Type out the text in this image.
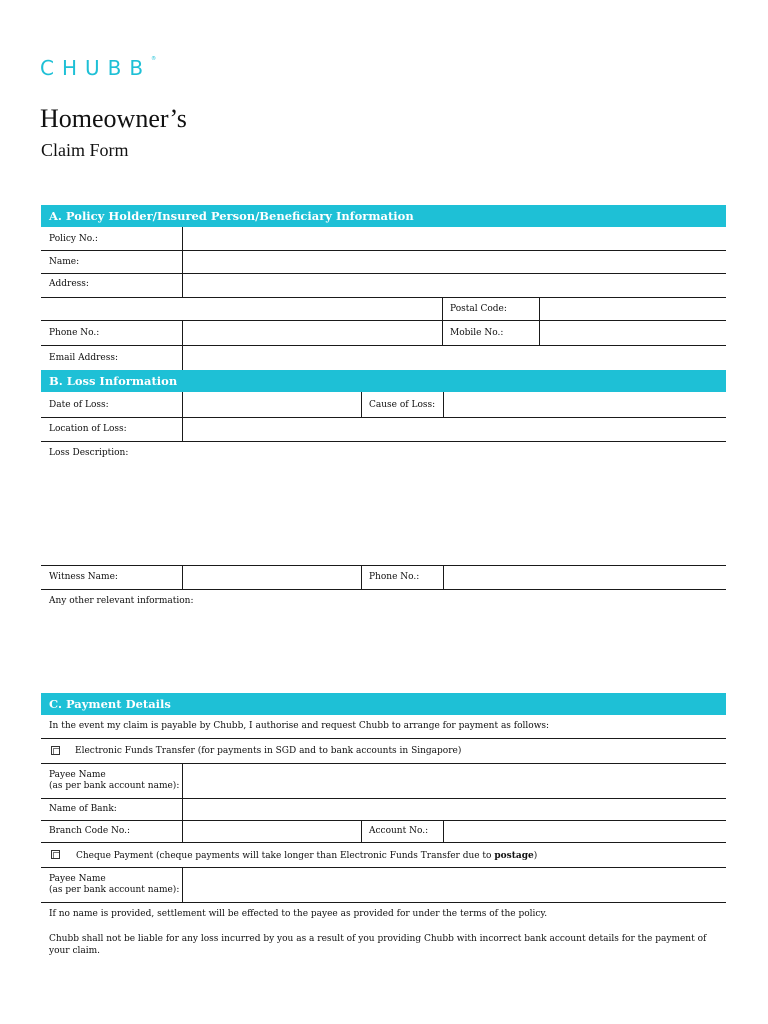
CHUBB®
Homeowner’s
Claim Form
A. Policy Holder/Insured Person/Beneficiary Information
Policy No.:
Name:
Address:
Postal Code:
Phone No.:	Mobile No.:
Email Address:
B. Loss Information
Date of Loss:	Cause of Loss:
Location of Loss:
Loss Description:
Witness Name:	Phone No.:
Any other relevant information:
C. Payment Details
In the event my claim is payable by Chubb, I authorise and request Chubb to arrange for payment as follows:
Electronic Funds Transfer (for payments in SGD and to bank accounts in Singapore)
Payee Name
(as per bank account name):
Name of Bank:
Branch Code No.:	Account No.:
Cheque Payment (cheque payments will take longer than Electronic Funds Transfer due to postage)
Payee Name
(as per bank account name):
If no name is provided, settlement will be effected to the payee as provided for under the terms of the policy.
Chubb shall not be liable for any loss incurred by you as a result of you providing Chubb with incorrect bank account details for the payment of your claim.
